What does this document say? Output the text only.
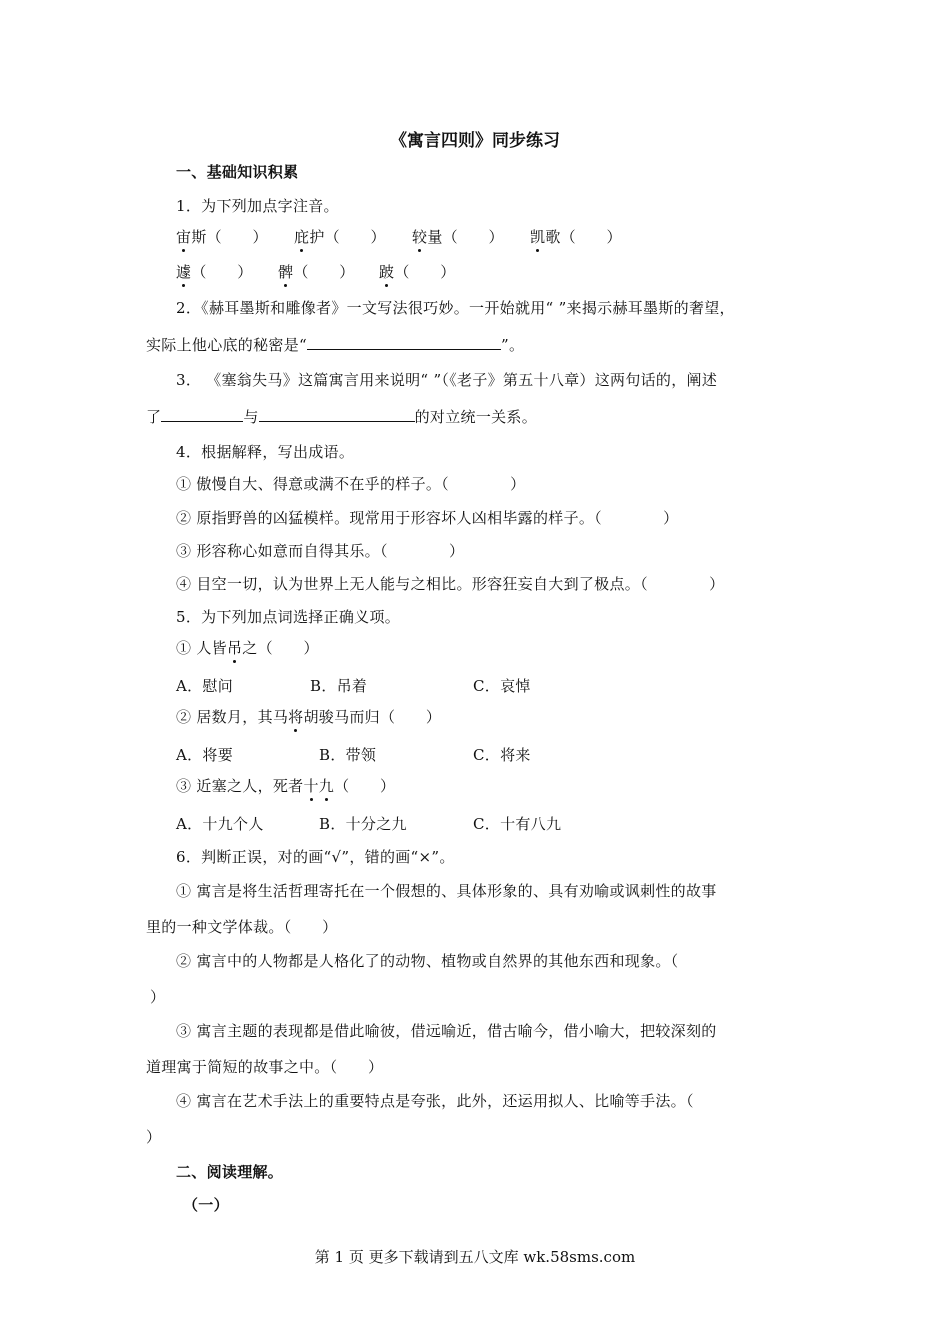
《寓言四则》同步练习
一、基础知识积累
1．为下列加点字注音。
宙斯（　　） 庇护（　　） 较量（　　） 凯歌（　　）
遽（　　） 髀（　　） 跛（　　）
2．《赫耳墨斯和雕像者》一文写法很巧妙。一开始就用“ ”来揭示赫耳墨斯的奢望，
实际上他心底的秘密是“	”。
3． 《塞翁失马》这篇寓言用来说明“ ”（《老子》第五十八章）这两句话的，阐述
了	与	的对立统一关系。
4．根据解释，写出成语。
① 傲慢自大、得意或满不在乎的样子。（　　　　）
② 原指野兽的凶猛模样。现常用于形容坏人凶相毕露的样子。（　　　　）
③ 形容称心如意而自得其乐。（　　　　）
④ 目空一切，认为世界上无人能与之相比。形容狂妄自大到了极点。（　　　　）
5．为下列加点词选择正确义项。
① 人皆吊之（　　）
A．慰问	B．吊着	C．哀悼
② 居数月，其马将胡骏马而归（　　）
A．将要	B．带领	C．将来
③ 近塞之人，死者十九（　　）
A．十九个人	B．十分之九	C．十有八九
6．判断正误，对的画“√”，错的画“×”。
① 寓言是将生活哲理寄托在一个假想的、具体形象的、具有劝喻或讽刺性的故事
里的一种文学体裁。（　　）
② 寓言中的人物都是人格化了的动物、植物或自然界的其他东西和现象。（
）
③ 寓言主题的表现都是借此喻彼，借远喻近，借古喻今，借小喻大，把较深刻的
道理寓于简短的故事之中。（　　）
④ 寓言在艺术手法上的重要特点是夸张，此外，还运用拟人、比喻等手法。（
）
二、阅读理解。
（一）
第 1 页 更多下载请到五八文库 wk.58sms.com
